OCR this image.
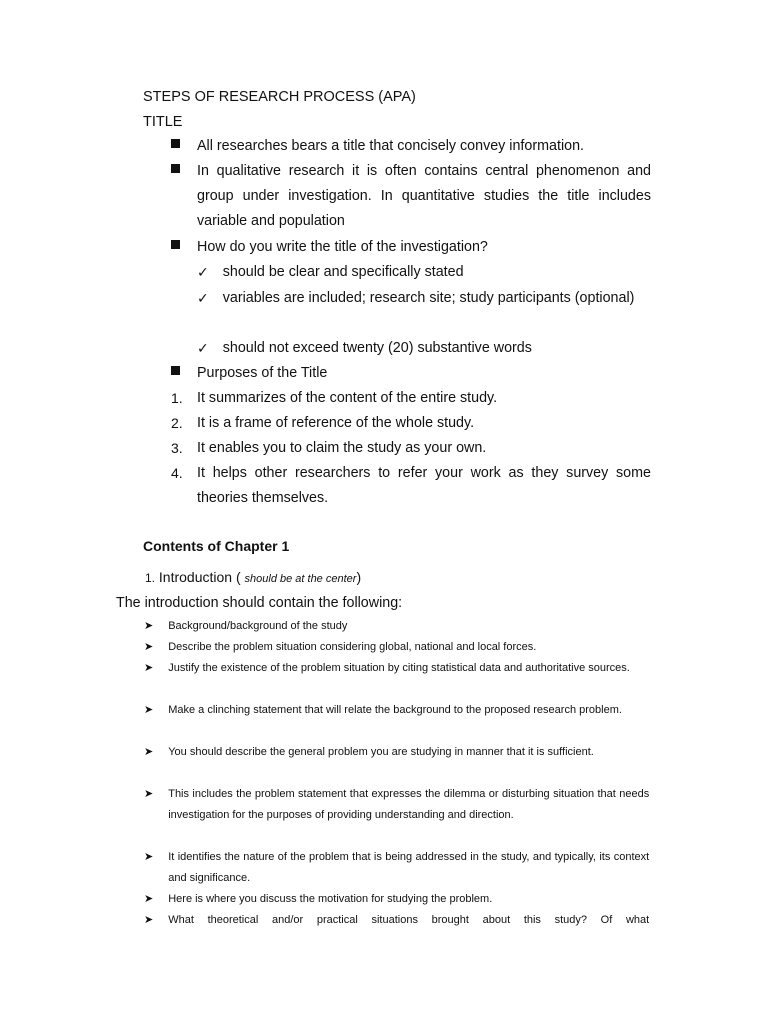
STEPS OF RESEARCH PROCESS (APA)
TITLE
All researches bears a title that concisely convey information.
In qualitative research it is often contains central phenomenon and group under investigation. In quantitative studies the title includes variable and population
How do you write the title of the investigation?
✓ should be clear and specifically stated
✓ variables are included; research site; study participants (optional)
✓ should not exceed twenty (20) substantive words
Purposes of the Title
1.	It summarizes of the content of the entire study.
2.	It is a frame of reference of the whole study.
3.	It enables you to claim the study as your own.
4.	It helps other researchers to refer your work as they survey some theories themselves.
Contents of Chapter 1
1. Introduction ( should be at the center)
The introduction should contain the following:
➤ Background/background of the study
➤ Describe the problem situation considering global, national and local forces.
➤ Justify the existence of the problem situation by citing statistical data and authoritative sources.
➤ Make a clinching statement that will relate the background to the proposed research problem.
➤ You should describe the general problem you are studying in manner that it is sufficient.
➤ This includes the problem statement that expresses the dilemma or disturbing situation that needs investigation for the purposes of providing understanding and direction.
➤ It identifies the nature of the problem that is being addressed in the study, and typically, its context and significance.
➤ Here is where you discuss the motivation for studying the problem.
➤ What theoretical and/or practical situations brought about this study? Of what
